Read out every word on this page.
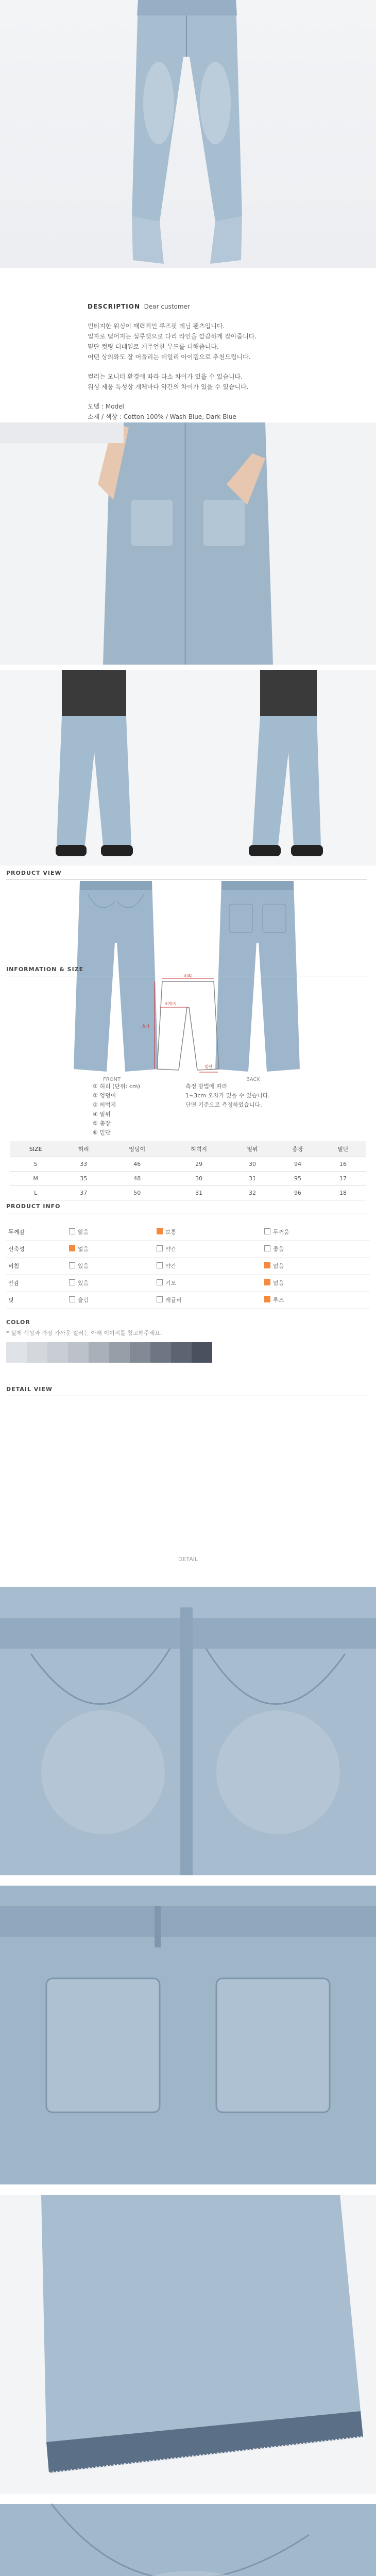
DESCRIPTION Dear customer

빈티지한 워싱이 매력적인 루즈핏 데님 팬츠입니다.

일자로 떨어지는 실루엣으로 다리 라인을 깔끔하게 잡아줍니다.

밑단 컷팅 디테일로 캐주얼한 무드를 더해줍니다.

어떤 상의와도 잘 어울리는 데일리 아이템으로 추천드립니다.

컬러는 모니터 환경에 따라 다소 차이가 있을 수 있습니다.

워싱 제품 특성상 개체마다 약간의 차이가 있을 수 있습니다.

모델 : Model

소재 / 색상 : Cotton 100% / Wash Blue, Dark Blue

PRODUCT VIEW
FRONT	BACK
INFORMATION & SIZE
허리
총장
허벅지
밑단
① 허리 (단위: cm)
② 엉덩이
③ 허벅지
④ 밑위
⑤ 총장
⑥ 밑단
측정 방법에 따라
1~3cm 오차가 있을 수 있습니다.
단면 기준으로 측정하였습니다.
SIZE	허리	엉덩이	허벅지	밑위	총장	밑단
S	33	46	29	30	94	16
M	35	48	30	31	95	17
L	37	50	31	32	96	18
PRODUCT INFO
두께감	얇음	보통	두꺼움
신축성	없음	약간	좋음
비침	있음	약간	없음
안감	있음	기모	없음
핏	슬림	레귤러	루즈
COLOR
* 실제 색상과 가장 가까운 컬러는 아래 이미지를 참고해주세요.
DETAIL VIEW
DETAIL
